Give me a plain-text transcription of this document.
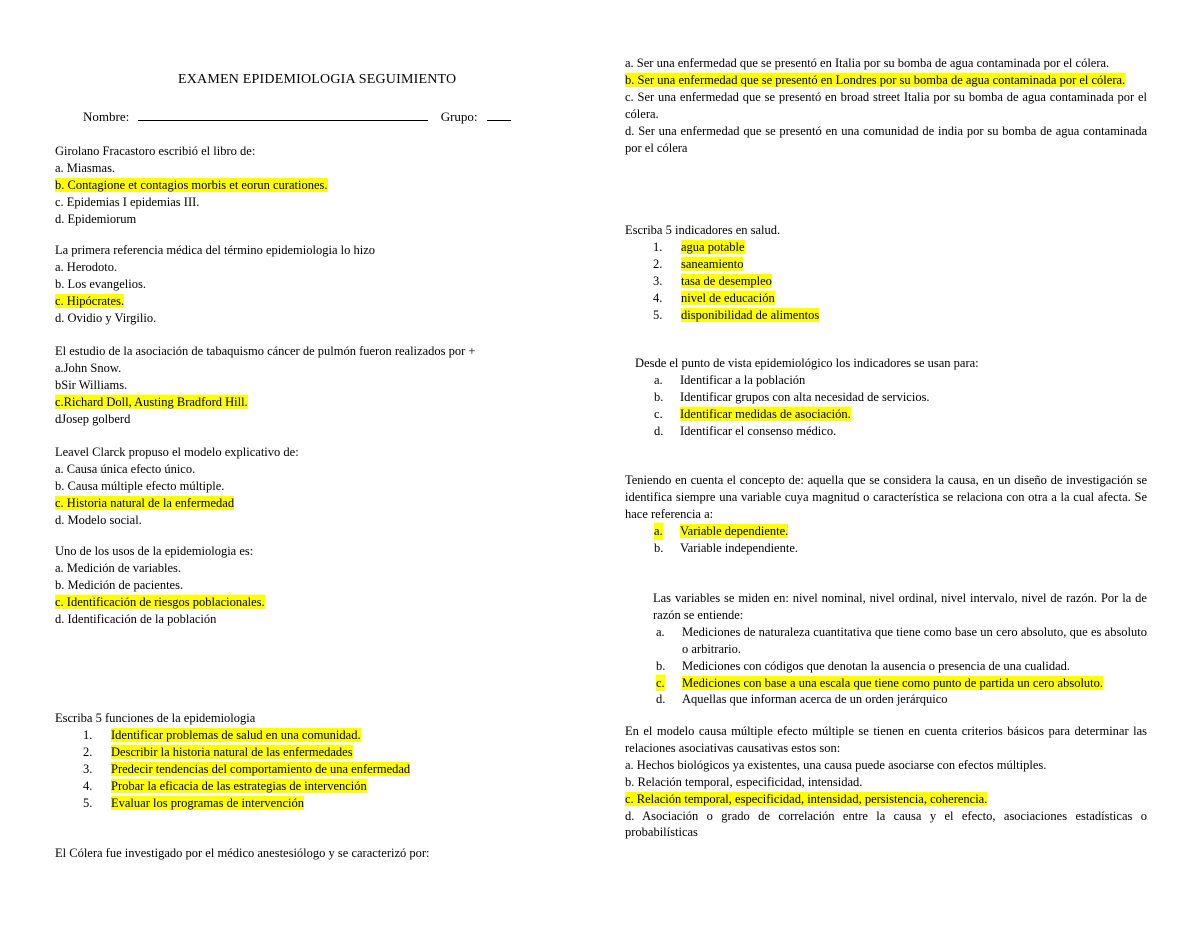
EXAMEN EPIDEMIOLOGIA SEGUIMIENTO
Nombre:	Grupo:
Girolano Fracastoro escribió el libro de:
a. Miasmas.
b. Contagione et contagios morbis et eorun curationes.
c. Epidemias I epidemias III.
d. Epidemiorum
La primera referencia médica del término epidemiologia lo hizo
a. Herodoto.
b. Los evangelios.
c. Hipócrates.
d. Ovidio y Virgilio.
El estudio de la asociación de tabaquismo cáncer de pulmón fueron realizados por +
a.John Snow.
bSir Williams.
c.Richard Doll, Austing Bradford Hill.
dJosep golberd
Leavel Clarck propuso el modelo explicativo de:
a. Causa única efecto único.
b. Causa múltiple efecto múltiple.
c. Historia natural de la enfermedad
d. Modelo social.
Uno de los usos de la epidemiologia es:
a. Medición de variables.
b. Medición de pacientes.
c. Identificación de riesgos poblacionales.
d. Identificación de la población
Escriba 5 funciones de la epidemiologia
1. Identificar problemas de salud en una comunidad.
2. Describir la historia natural de las enfermedades
3. Predecir tendencias del comportamiento de una enfermedad
4. Probar la eficacia de las estrategias de intervención
5. Evaluar los programas de intervención
El Cólera fue investigado por el médico anestesiólogo y se caracterizó por:
a. Ser una enfermedad que se presentó en Italia por su bomba de agua contaminada por el cólera.
b. Ser una enfermedad que se presentó en Londres por su bomba de agua contaminada por el cólera.
c. Ser una enfermedad que se presentó en broad street Italia por su bomba de agua contaminada por el cólera.
d. Ser una enfermedad que se presentó en una comunidad de india por su bomba de agua contaminada por el cólera
Escriba 5 indicadores en salud.
1. agua potable
2. saneamiento
3. tasa de desempleo
4. nivel de educación
5. disponibilidad de alimentos
Desde el punto de vista epidemiológico los indicadores se usan para:
a. Identificar a la población
b. Identificar grupos con alta necesidad de servicios.
c. Identificar medidas de asociación.
d. Identificar el consenso médico.
Teniendo en cuenta el concepto de: aquella que se considera la causa, en un diseño de investigación se identifica siempre una variable cuya magnitud o característica se relaciona con otra a la cual afecta. Se hace referencia a:
a. Variable dependiente.
b. Variable independiente.
Las variables se miden en: nivel nominal, nivel ordinal, nivel intervalo, nivel de razón. Por la de razón se entiende:
a. Mediciones de naturaleza cuantitativa que tiene como base un cero absoluto, que es absoluto o arbitrario.
b. Mediciones con códigos que denotan la ausencia o presencia de una cualidad.
c. Mediciones con base a una escala que tiene como punto de partida un cero absoluto.
d. Aquellas que informan acerca de un orden jerárquico
En el modelo causa múltiple efecto múltiple se tienen en cuenta criterios básicos para determinar las relaciones asociativas causativas estos son:
a. Hechos biológicos ya existentes, una causa puede asociarse con efectos múltiples.
b. Relación temporal, especificidad, intensidad.
c. Relación temporal, especificidad, intensidad, persistencia, coherencia.
d. Asociación o grado de correlación entre la causa y el efecto, asociaciones estadísticas o probabilísticas
